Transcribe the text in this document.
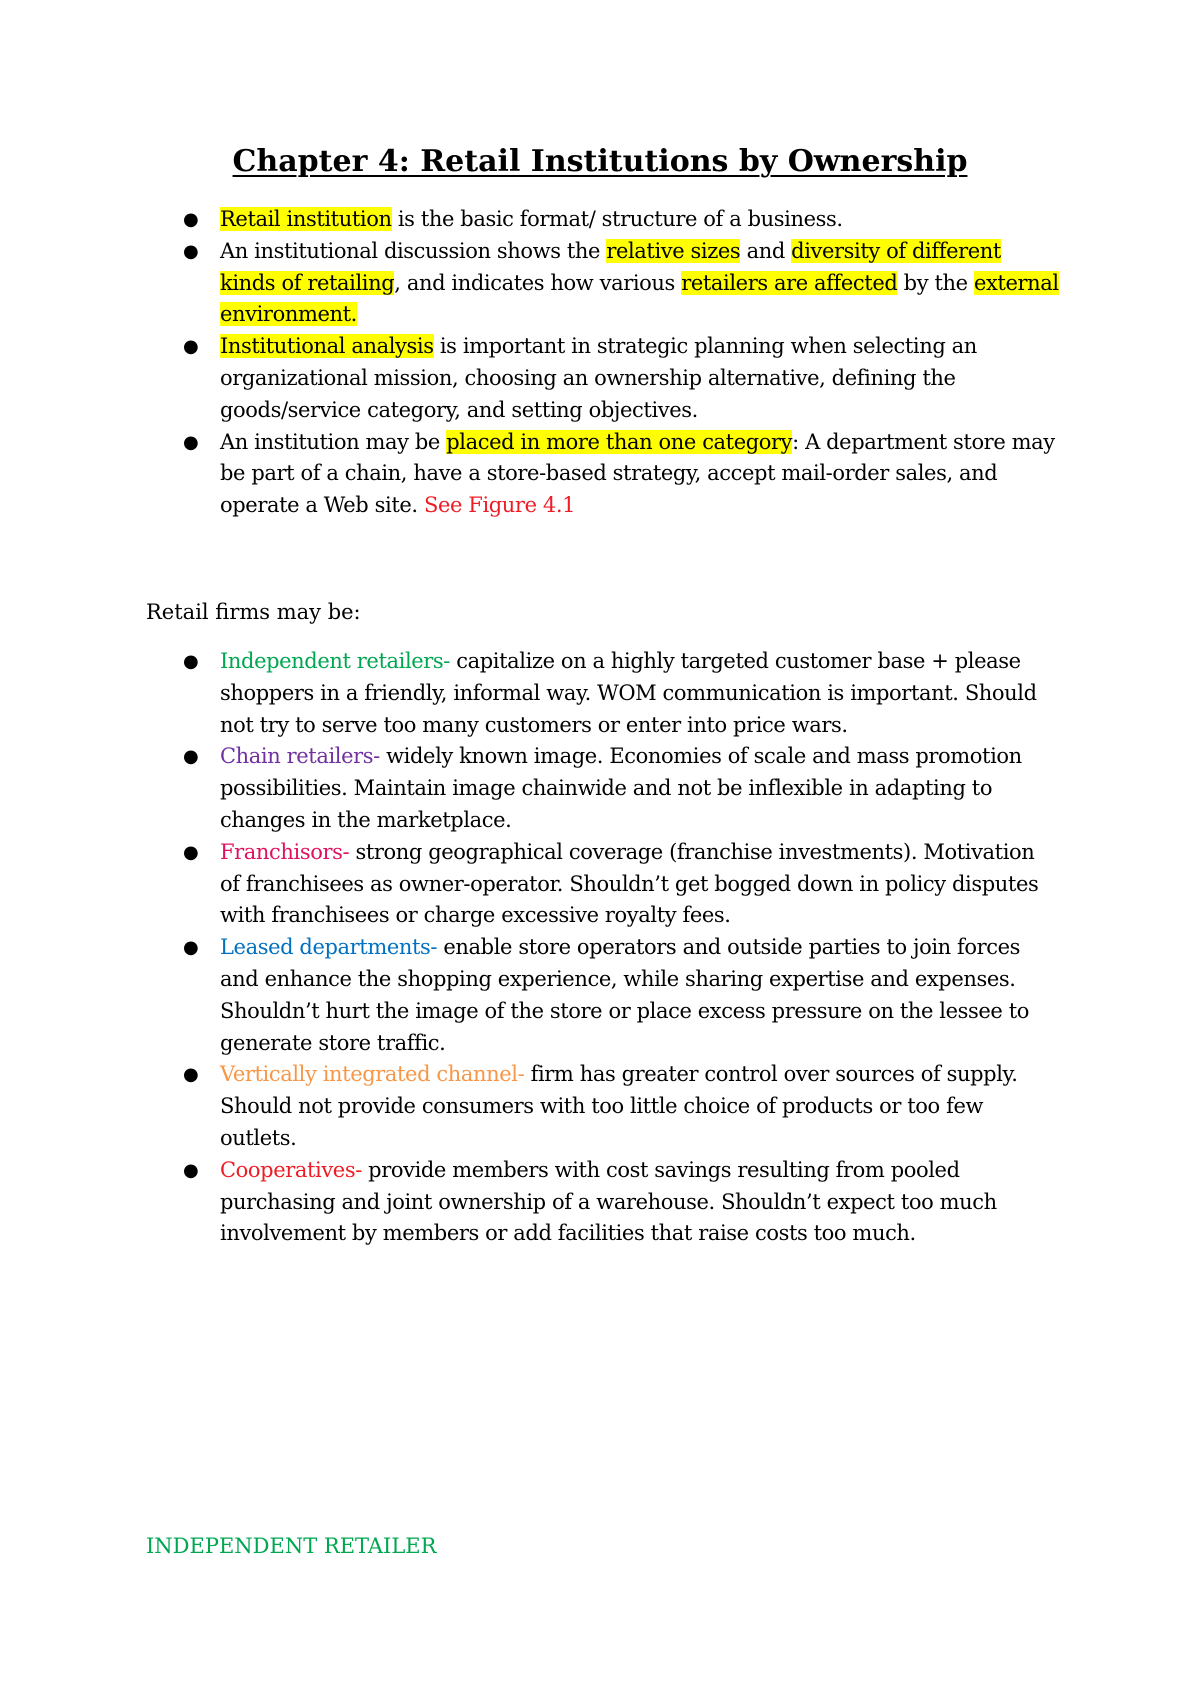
Chapter 4: Retail Institutions by Ownership
● Retail institution is the basic format/ structure of a business.
● An institutional discussion shows the relative sizes and diversity of different kinds of retailing, and indicates how various retailers are affected by the external environment.
● Institutional analysis is important in strategic planning when selecting an organizational mission, choosing an ownership alternative, defining the goods/service category, and setting objectives.
● An institution may be placed in more than one category: A department store may be part of a chain, have a store-based strategy, accept mail-order sales, and operate a Web site. See Figure 4.1

Retail firms may be:

● Independent retailers- capitalize on a highly targeted customer base + please shoppers in a friendly, informal way. WOM communication is important. Should not try to serve too many customers or enter into price wars.
● Chain retailers- widely known image. Economies of scale and mass promotion possibilities. Maintain image chainwide and not be inflexible in adapting to changes in the marketplace.
● Franchisors- strong geographical coverage (franchise investments). Motivation of franchisees as owner-operator. Shouldn’t get bogged down in policy disputes with franchisees or charge excessive royalty fees.
● Leased departments- enable store operators and outside parties to join forces and enhance the shopping experience, while sharing expertise and expenses. Shouldn’t hurt the image of the store or place excess pressure on the lessee to generate store traffic.
● Vertically integrated channel- firm has greater control over sources of supply. Should not provide consumers with too little choice of products or too few outlets.
● Cooperatives- provide members with cost savings resulting from pooled purchasing and joint ownership of a warehouse. Shouldn’t expect too much involvement by members or add facilities that raise costs too much.

INDEPENDENT RETAILER
